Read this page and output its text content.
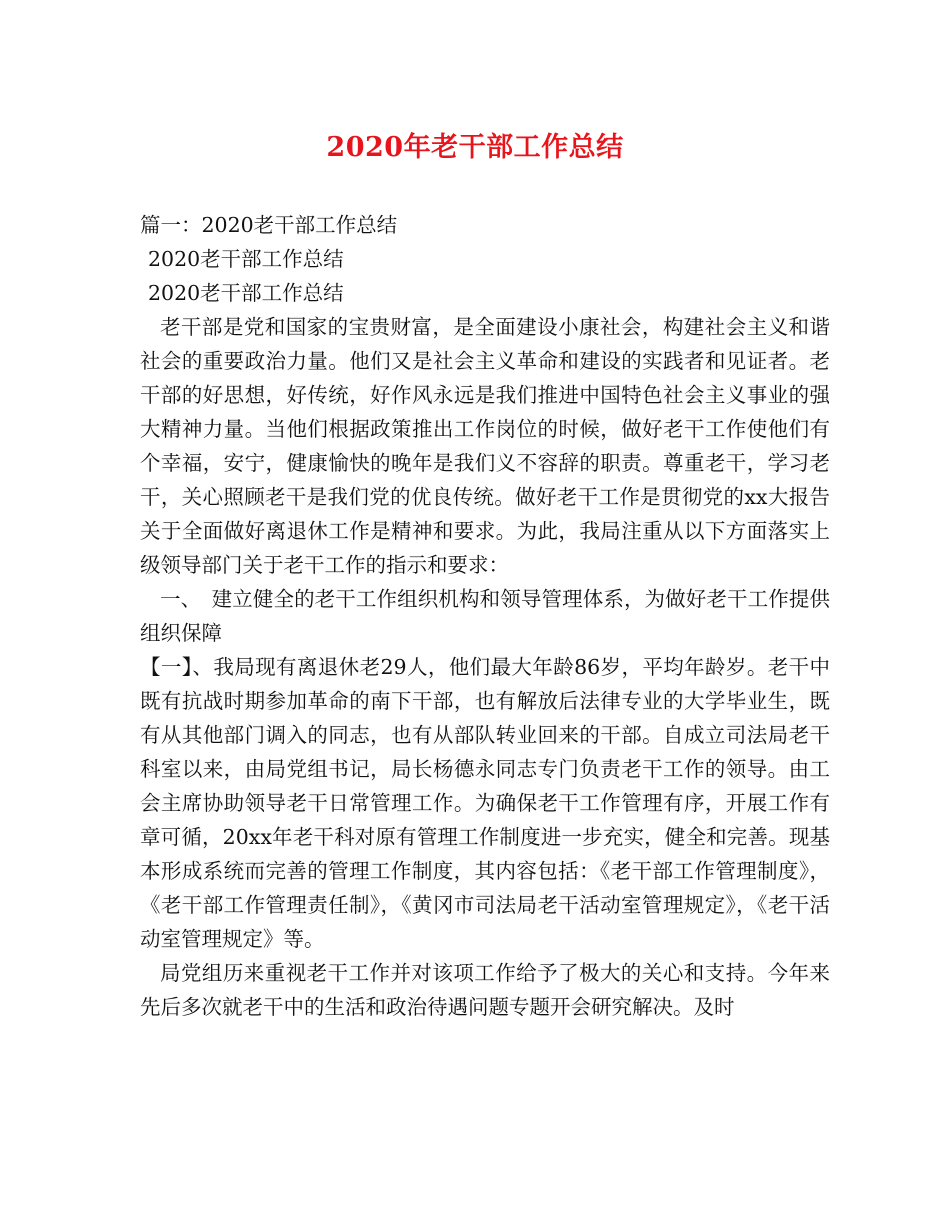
2020年老干部工作总结
篇一：2020老干部工作总结
2020老干部工作总结
2020老干部工作总结
老干部是党和国家的宝贵财富，是全面建设小康社会，构建社会主义和谐社会的重要政治力量。他们又是社会主义革命和建设的实践者和见证者。老干部的好思想，好传统，好作风永远是我们推进中国特色社会主义事业的强大精神力量。当他们根据政策推出工作岗位的时候，做好老干工作使他们有个幸福，安宁，健康愉快的晚年是我们义不容辞的职责。尊重老干，学习老干，关心照顾老干是我们党的优良传统。做好老干工作是贯彻党的xx大报告关于全面做好离退休工作是精神和要求。为此，我局注重从以下方面落实上级领导部门关于老干工作的指示和要求：
一、　建立健全的老干工作组织机构和领导管理体系，为做好老干工作提供组织保障
【一】、我局现有离退休老29人，他们最大年龄86岁，平均年龄岁。老干中既有抗战时期参加革命的南下干部，也有解放后法律专业的大学毕业生，既有从其他部门调入的同志，也有从部队转业回来的干部。自成立司法局老干科室以来，由局党组书记，局长杨德永同志专门负责老干工作的领导。由工会主席协助领导老干日常管理工作。为确保老干工作管理有序，开展工作有章可循，20xx年老干科对原有管理工作制度进一步充实，健全和完善。现基本形成系统而完善的管理工作制度，其内容包括：《老干部工作管理制度》，《老干部工作管理责任制》，《黄冈市司法局老干活动室管理规定》，《老干活动室管理规定》等。
局党组历来重视老干工作并对该项工作给予了极大的关心和支持。今年来先后多次就老干中的生活和政治待遇问题专题开会研究解决。及时
